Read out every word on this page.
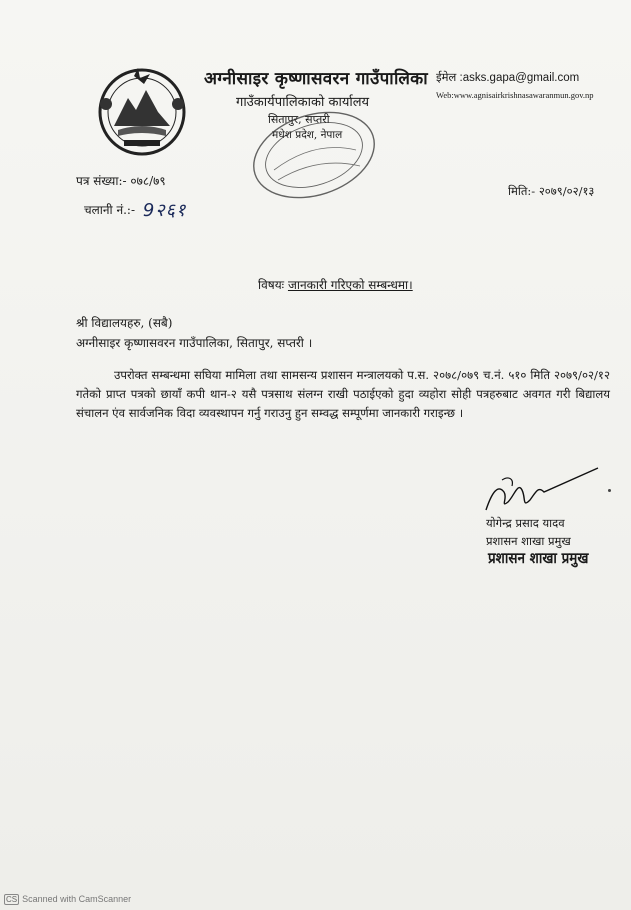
अग्नीसाइर कृष्णासवरन गाउँपालिका
गाउँकार्यपालिकाको कार्यालय
सितापुर, सप्तरी
मधेश प्रदेश, नेपाल
ईमेल :asks.gapa@gmail.com
Web:www.agnisairkrishnasawaranmun.gov.np
पत्र संख्या:- ०७८/७९
चलानी नं.:- 9२६१
मिति:- २०७९/०२/१३
विषयः जानकारी गरिएको सम्बन्धमा।
श्री विद्यालयहरु, (सबै)
अग्नीसाइर कृष्णासवरन गाउँपालिका, सितापुर, सप्तरी ।
उपरोक्त सम्बन्धमा सघिया मामिला तथा सामसन्य प्रशासन मन्त्रालयको प.स. २०७८/०७९ च.नं. ५१० मिति २०७९/०२/१२ गतेको प्राप्त पत्रको छायाँ कपी थान-२ यसै पत्रसाथ संलग्न राखी पठाईएको हुदा व्यहोरा सोही पत्रहरुबाट अवगत गरी बिद्यालय संचालन एंव सार्वजनिक विदा व्यवस्थापन गर्नु गराउनु हुन सम्वद्ध सम्पूर्णमा जानकारी गराइन्छ ।
योगेन्द्र प्रसाद यादव
प्रशासन शाखा प्रमुख
प्रशासन शाखा प्रमुख
CS Scanned with CamScanner
